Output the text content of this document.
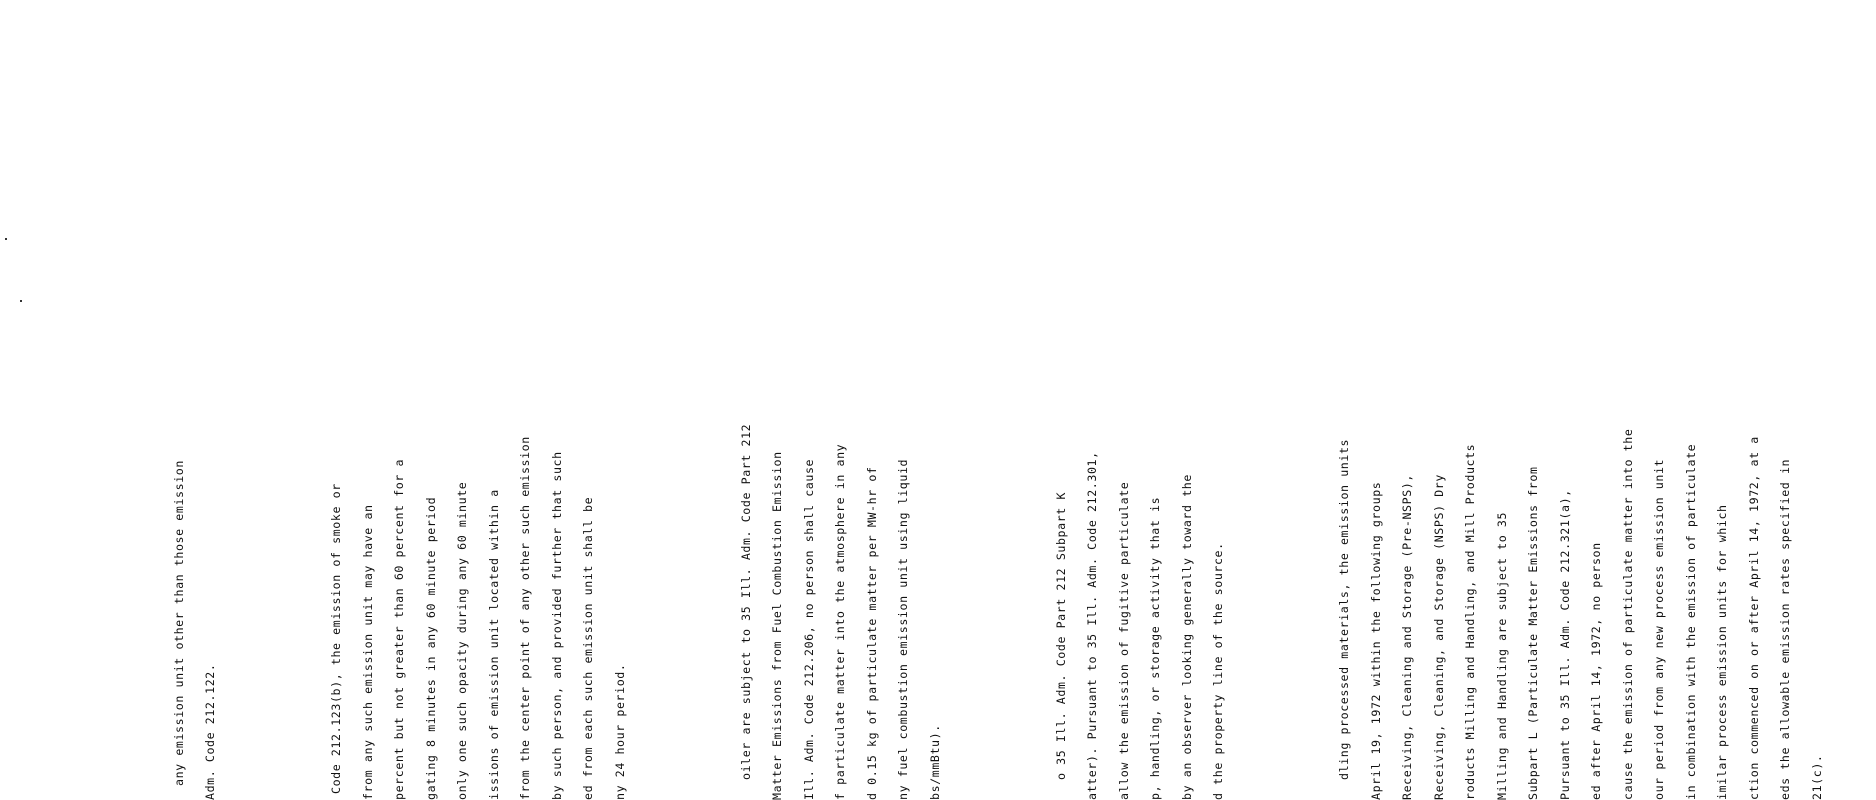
any emission unit other than those emission

Adm. Code 212.122.

	Code 212.123(b), the emission of smoke or

from any such emission unit may have an

percent but not greater than 60 percent for a

gating 8 minutes in any 60 minute period

only one such opacity during any 60 minute

issions of emission unit located within a

from the center point of any other such emission

by such person, and provided further that such

ed from each such emission unit shall be

ny 24 hour period.

	oiler are subject to 35 Ill. Adm. Code Part 212

Matter Emissions from Fuel Combustion Emission

Ill. Adm. Code 212.206, no person shall cause

f particulate matter into the atmosphere in any

d 0.15 kg of particulate matter per MW-hr of

ny fuel combustion emission unit using liquid

bs/mmBtu).

	o 35 Ill. Adm. Code Part 212 Subpart K

atter). Pursuant to 35 Ill. Adm. Code 212.301,

allow the emission of fugitive particulate

p, handling, or storage activity that is

by an observer looking generally toward the

d the property line of the source.

	dling processed materials, the emission units

April 19, 1972 within the following groups

Receiving, Cleaning and Storage (Pre-NSPS),

Receiving, Cleaning, and Storage (NSPS) Dry

roducts Milling and Handling, and Mill Products

Milling and Handling are subject to 35

Subpart L (Particulate Matter Emissions from

Pursuant to 35 Ill. Adm. Code 212.321(a),

ed after April 14, 1972, no person

cause the emission of particulate matter into the

our period from any new process emission unit

in combination with the emission of particulate

imilar process emission units for which

ction commenced on or after April 14, 1972, at a

eds the allowable emission rates specified in

21(c).
